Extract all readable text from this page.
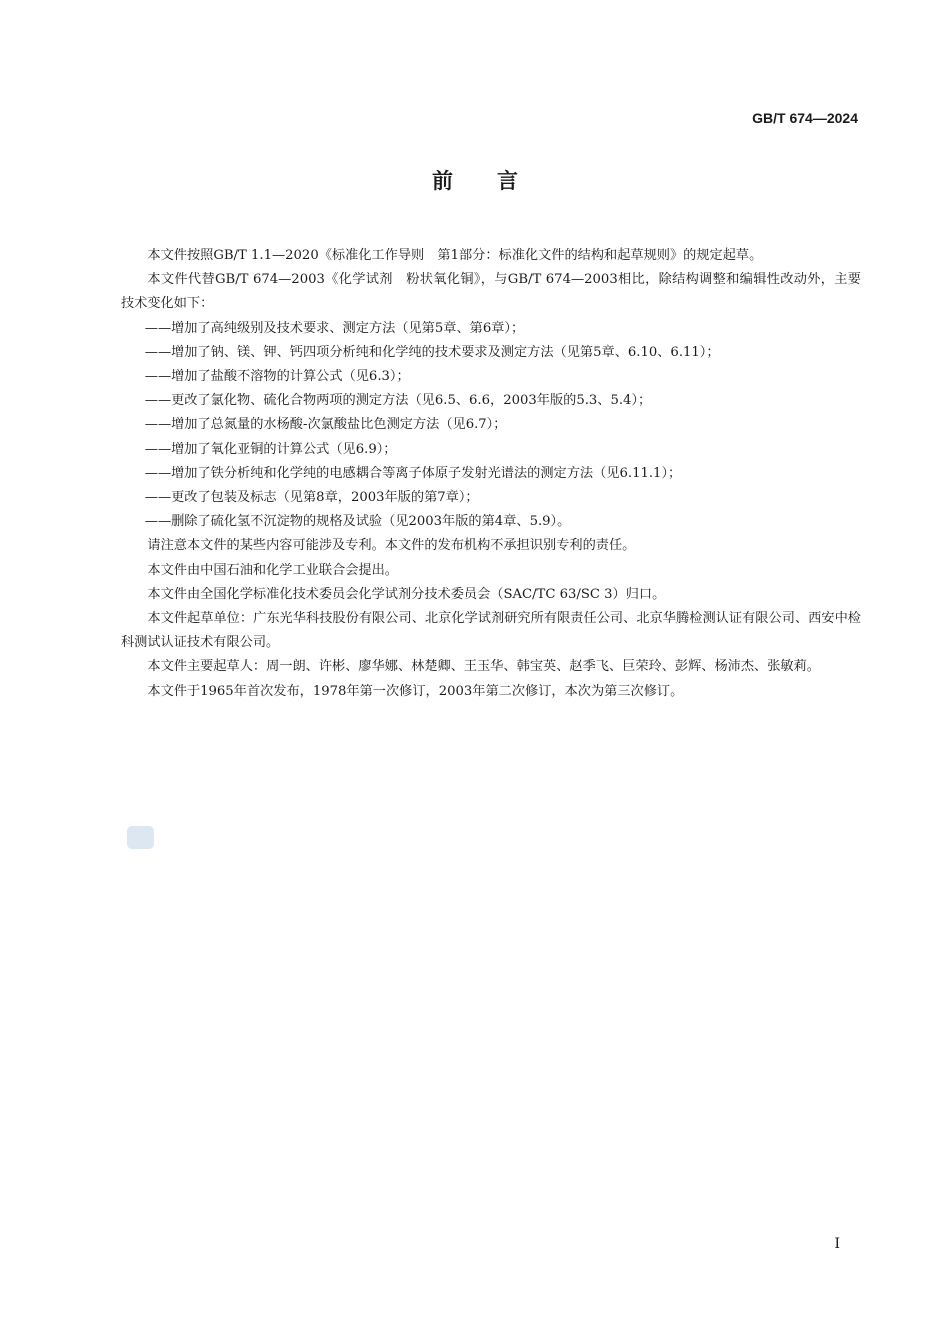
GB/T 674—2024
前言

本文件按照GB/T 1.1—2020《标准化工作导则　第1部分：标准化文件的结构和起草规则》的规定起草。

本文件代替GB/T 674—2003《化学试剂　粉状氧化铜》，与GB/T 674—2003相比，除结构调整和编辑性改动外，主要技术变化如下：

——增加了高纯级别及技术要求、测定方法（见第5章、第6章）；

——增加了钠、镁、钾、钙四项分析纯和化学纯的技术要求及测定方法（见第5章、6.10、6.11）；

——增加了盐酸不溶物的计算公式（见6.3）；

——更改了氯化物、硫化合物两项的测定方法（见6.5、6.6，2003年版的5.3、5.4）；

——增加了总氮量的水杨酸-次氯酸盐比色测定方法（见6.7）；

——增加了氧化亚铜的计算公式（见6.9）；

——增加了铁分析纯和化学纯的电感耦合等离子体原子发射光谱法的测定方法（见6.11.1）；

——更改了包装及标志（见第8章，2003年版的第7章）；

——删除了硫化氢不沉淀物的规格及试验（见2003年版的第4章、5.9）。

请注意本文件的某些内容可能涉及专利。本文件的发布机构不承担识别专利的责任。

本文件由中国石油和化学工业联合会提出。

本文件由全国化学标准化技术委员会化学试剂分技术委员会（SAC/TC 63/SC 3）归口。

本文件起草单位：广东光华科技股份有限公司、北京化学试剂研究所有限责任公司、北京华腾检测认证有限公司、西安中检科测试认证技术有限公司。

本文件主要起草人：周一朗、许彬、廖华娜、林楚卿、王玉华、韩宝英、赵季飞、巨荣玲、彭辉、杨沛杰、张敏莉。

本文件于1965年首次发布，1978年第一次修订，2003年第二次修订，本次为第三次修订。

I
